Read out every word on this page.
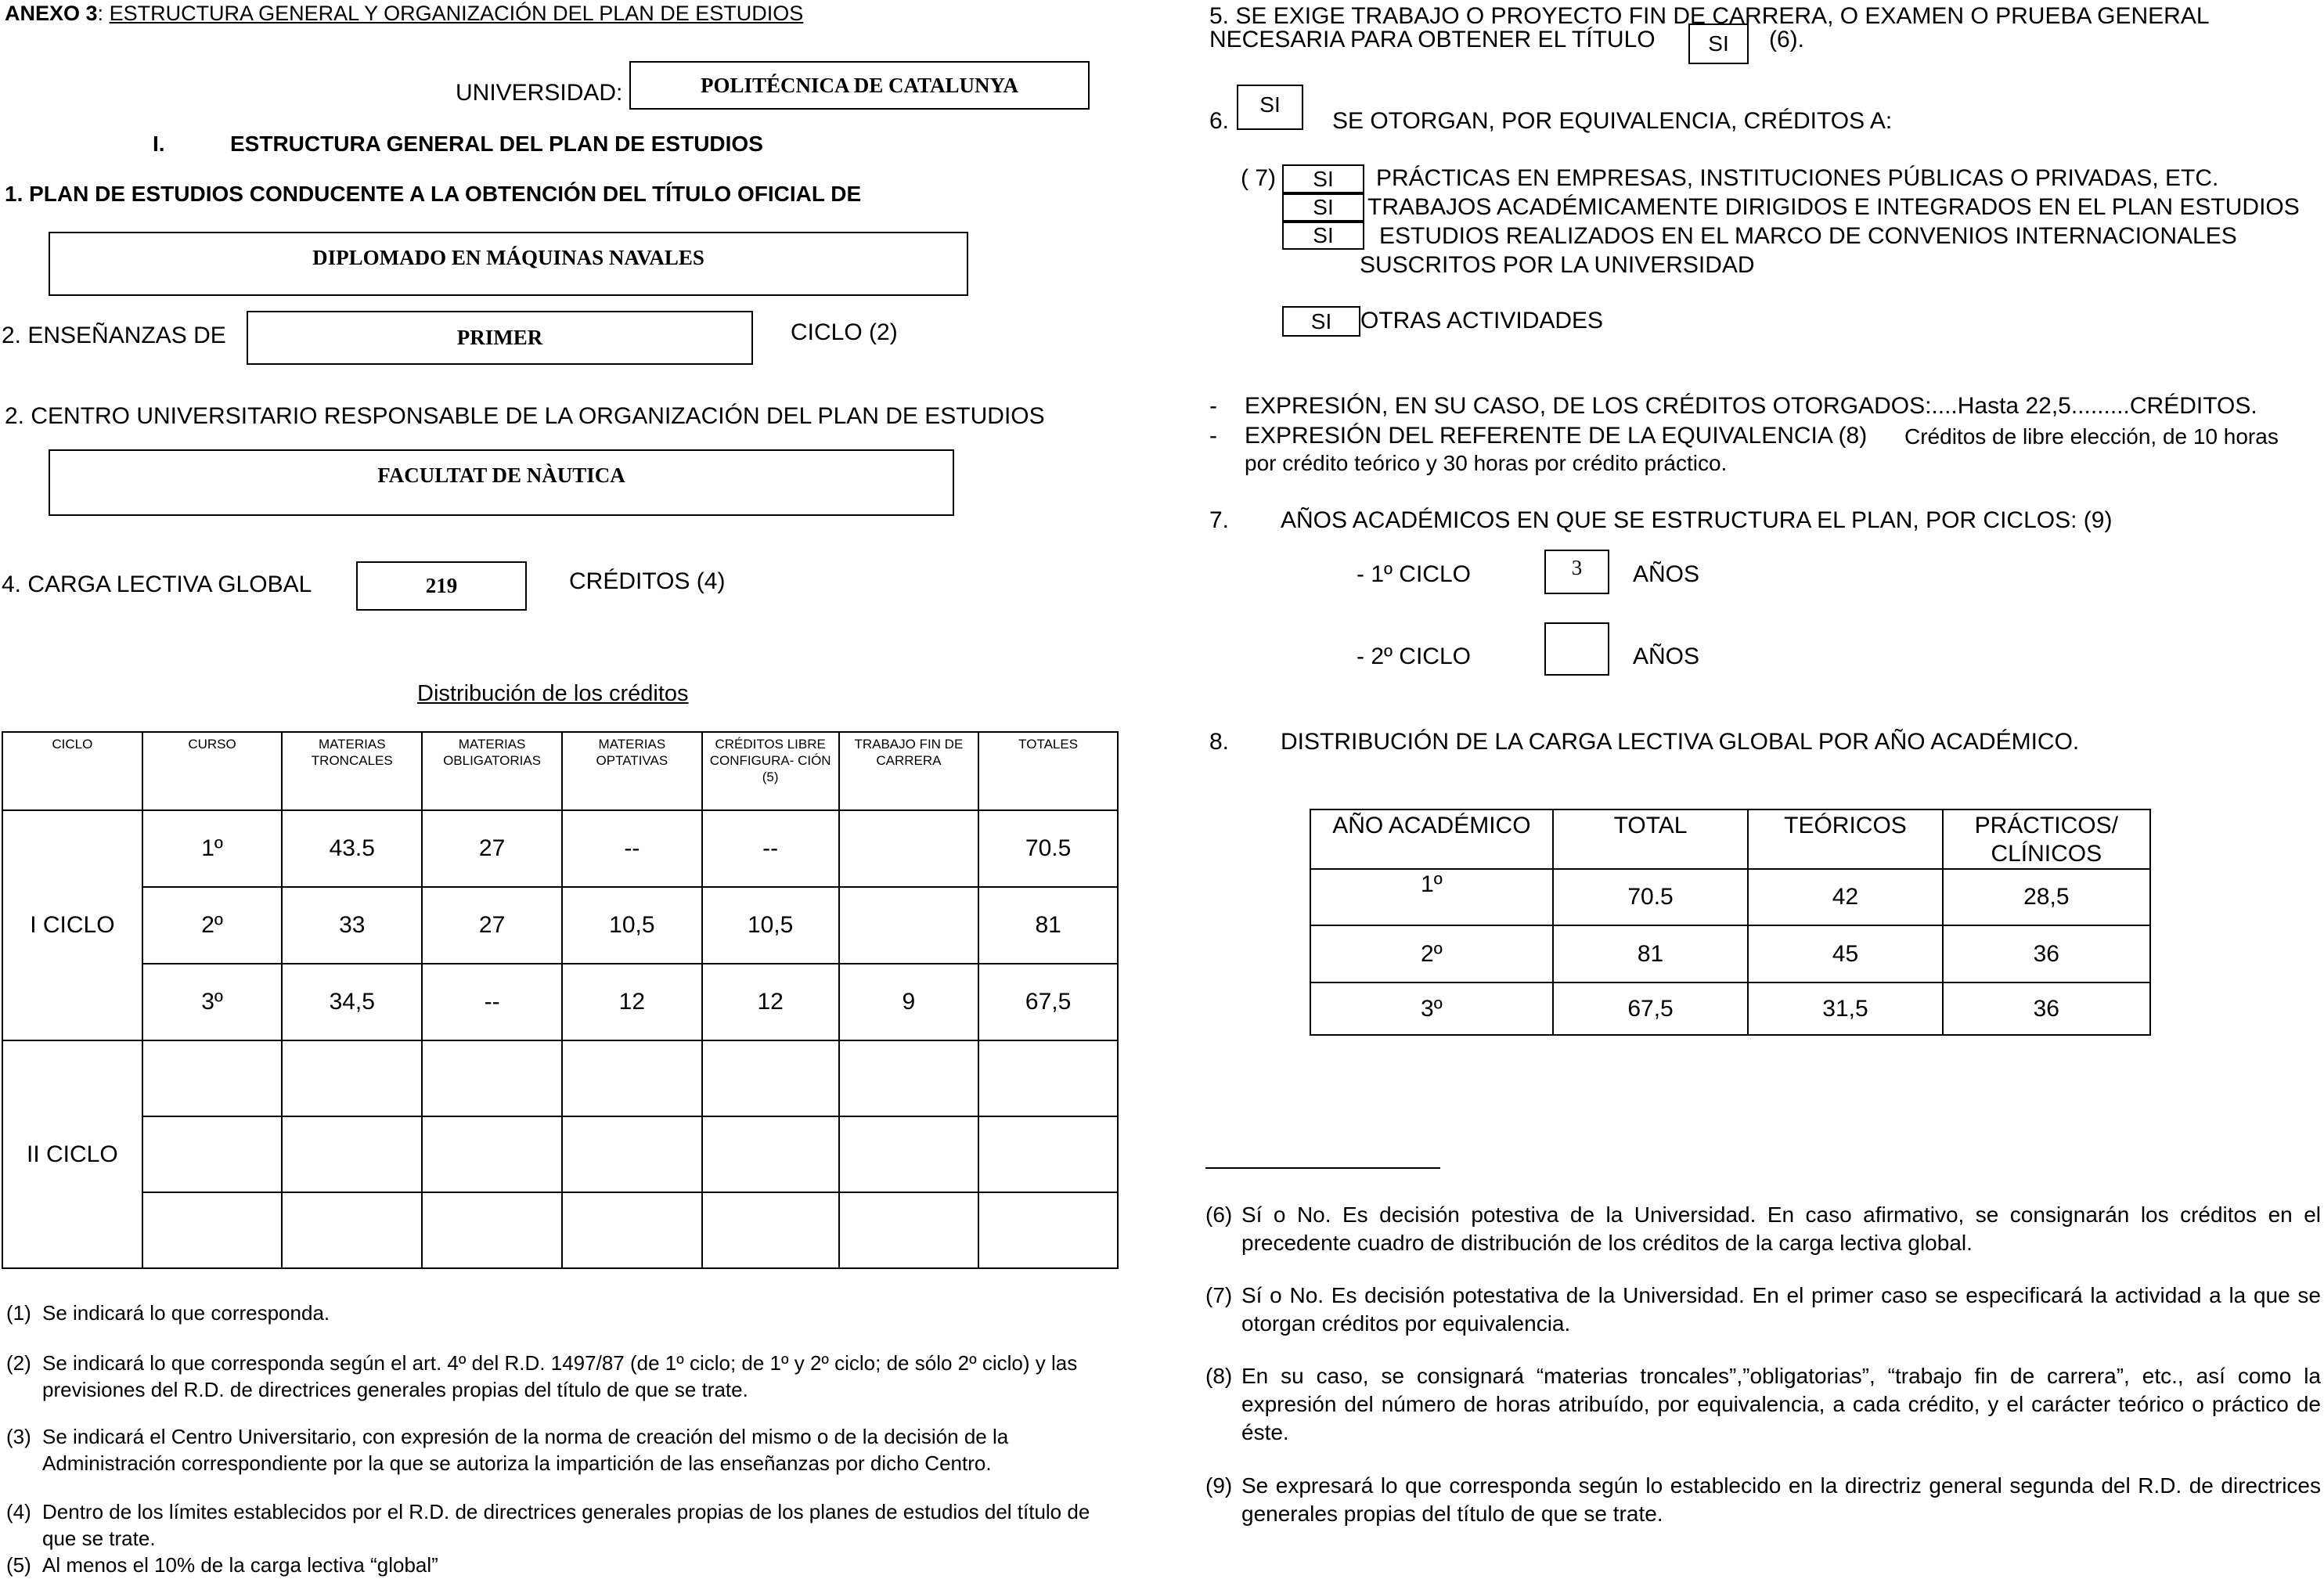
ANEXO 3: ESTRUCTURA GENERAL Y ORGANIZACIÓN DEL PLAN DE ESTUDIOS
UNIVERSIDAD:	POLITÉCNICA DE CATALUNYA
I.	ESTRUCTURA GENERAL DEL PLAN DE ESTUDIOS
1. PLAN DE ESTUDIOS CONDUCENTE A LA OBTENCIÓN DEL TÍTULO OFICIAL DE
DIPLOMADO EN MÁQUINAS NAVALES
2. ENSEÑANZAS DE	PRIMER	CICLO (2)
2. CENTRO UNIVERSITARIO RESPONSABLE DE LA ORGANIZACIÓN DEL PLAN DE ESTUDIOS
FACULTAT DE NÀUTICA
4. CARGA LECTIVA GLOBAL	219	CRÉDITOS (4)
Distribución de los créditos
CICLO	CURSO	MATERIAS TRONCALES	MATERIAS OBLIGATORIAS	MATERIAS OPTATIVAS	CRÉDITOS LIBRE CONFIGURA- CIÓN (5)	TRABAJO FIN DE CARRERA	TOTALES
I CICLO	1º	43.5	27	--	--		70.5
	2º	33	27	10,5	10,5		81
	3º	34,5	--	12	12	9	67,5
II CICLO							

(1) Se indicará lo que corresponda.
(2) Se indicará lo que corresponda según el art. 4º del R.D. 1497/87 (de 1º ciclo; de 1º y 2º ciclo; de sólo 2º ciclo) y las previsiones del R.D. de directrices generales propias del título de que se trate.
(3) Se indicará el Centro Universitario, con expresión de la norma de creación del mismo o de la decisión de la Administración correspondiente por la que se autoriza la impartición de las enseñanzas por dicho Centro.
(4) Dentro de los límites establecidos por el R.D. de directrices generales propias de los planes de estudios del título de que se trate.
(5) Al menos el 10% de la carga lectiva “global”
5. SE EXIGE TRABAJO O PROYECTO FIN DE CARRERA, O EXAMEN O PRUEBA GENERAL
NECESARIA PARA OBTENER EL TÍTULO	SI	(6).
6.
SI
SE OTORGAN, POR EQUIVALENCIA, CRÉDITOS A:
( 7)	SI	PRÁCTICAS EN EMPRESAS, INSTITUCIONES PÚBLICAS O PRIVADAS, ETC.
SI	TRABAJOS ACADÉMICAMENTE DIRIGIDOS E INTEGRADOS EN EL PLAN ESTUDIOS
SI	ESTUDIOS REALIZADOS EN EL MARCO DE CONVENIOS INTERNACIONALES
SUSCRITOS POR LA UNIVERSIDAD
SI	OTRAS ACTIVIDADES
- EXPRESIÓN, EN SU CASO, DE LOS CRÉDITOS OTORGADOS:....Hasta 22,5.........CRÉDITOS.
- EXPRESIÓN DEL REFERENTE DE LA EQUIVALENCIA (8) Créditos de libre elección, de 10 horas
por crédito teórico y 30 horas por crédito práctico.
7. AÑOS ACADÉMICOS EN QUE SE ESTRUCTURA EL PLAN, POR CICLOS: (9)
- 1º CICLO	3	AÑOS
- 2º CICLO	AÑOS
8. DISTRIBUCIÓN DE LA CARGA LECTIVA GLOBAL POR AÑO ACADÉMICO.
AÑO ACADÉMICO	TOTAL	TEÓRICOS	PRÁCTICOS/ CLÍNICOS
1º	70.5	42	28,5
2º	81	45	36
3º	67,5	31,5	36
(6) Sí o No. Es decisión potestiva de la Universidad. En caso afirmativo, se consignarán los créditos en el precedente cuadro de distribución de los créditos de la carga lectiva global.
(7) Sí o No. Es decisión potestativa de la Universidad. En el primer caso se especificará la actividad a la que se otorgan créditos por equivalencia.
(8) En su caso, se consignará “materias troncales”,”obligatorias”, “trabajo fin de carrera”, etc., así como la expresión del número de horas atribuído, por equivalencia, a cada crédito, y el carácter teórico o práctico de éste.
(9) Se expresará lo que corresponda según lo establecido en la directriz general segunda del R.D. de directrices generales propias del título de que se trate.
